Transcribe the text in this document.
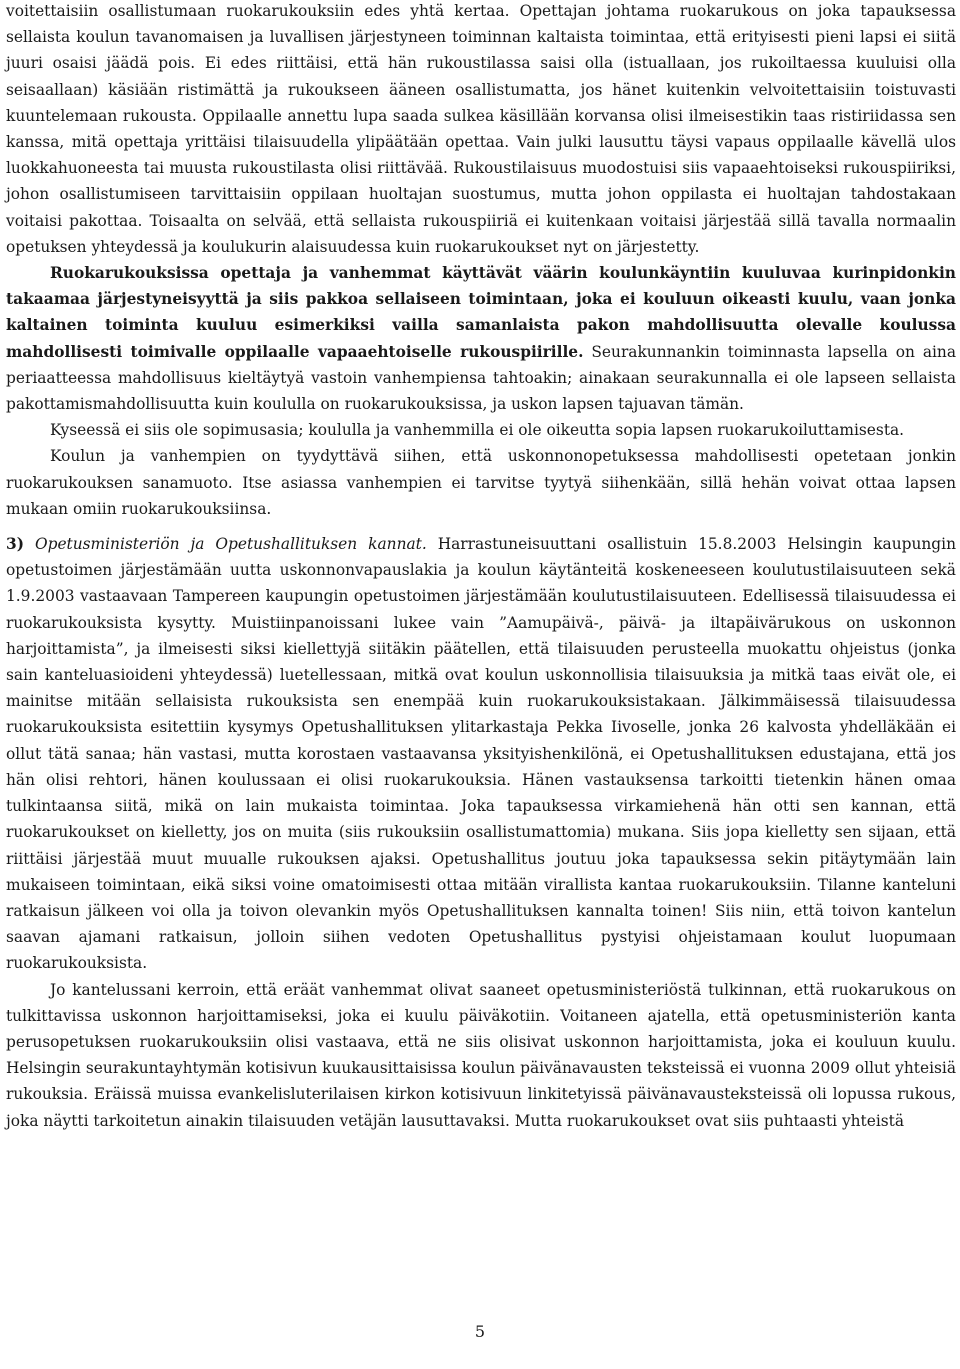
voitettaisiin osallistumaan ruokarukouksiin edes yhtä kertaa. Opettajan johtama ruokarukous on joka tapauksessa sellaista koulun tavanomaisen ja luvallisen järjestyneen toiminnan kaltaista toimintaa, että erityisesti pieni lapsi ei siitä juuri osaisi jäädä pois. Ei edes riittäisi, että hän rukoustilassa saisi olla (istuallaan, jos rukoiltaessa kuuluisi olla seisaallaan) käsiään ristimättä ja rukoukseen ääneen osallistumatta, jos hänet kuitenkin velvoitettaisiin toistuvasti kuuntelemaan rukousta. Oppilaalle annettu lupa saada sulkea käsillään korvansa olisi ilmeisestikin taas ristiriidassa sen kanssa, mitä opettaja yrittäisi tilaisuudella ylipäätään opettaa. Vain julki lausuttu täysi vapaus oppilaalle kävellä ulos luokkahuoneesta tai muusta rukoustilasta olisi riittävää. Rukoustilaisuus muodostuisi siis vapaaehtoiseksi rukouspiiriksi, johon osallistumiseen tarvittaisiin oppilaan huoltajan suostumus, mutta johon oppilasta ei huoltajan tahdostakaan voitaisi pakottaa. Toisaalta on selvää, että sellaista rukouspiiriä ei kuitenkaan voitaisi järjestää sillä tavalla normaalin opetuksen yhteydessä ja koulukurin alaisuudessa kuin ruokarukoukset nyt on järjestetty.

Ruokarukouksissa opettaja ja vanhemmat käyttävät väärin koulunkäyntiin kuuluvaa kurinpidonkin takaamaa järjestyneisyyttä ja siis pakkoa sellaiseen toimintaan, joka ei kouluun oikeasti kuulu, vaan jonka kaltainen toiminta kuuluu esimerkiksi vailla samanlaista pakon mahdollisuutta olevalle koulussa mahdollisesti toimivalle oppilaalle vapaaehtoiselle rukouspiirille. Seurakunnankin toiminnasta lapsella on aina periaatteessa mahdollisuus kieltäytyä vastoin vanhempiensa tahtoakin; ainakaan seurakunnalla ei ole lapseen sellaista pakottamismahdollisuutta kuin koululla on ruokarukouksissa, ja uskon lapsen tajuavan tämän.

Kyseessä ei siis ole sopimusasia; koululla ja vanhemmilla ei ole oikeutta sopia lapsen ruokarukoiluttamisesta.

Koulun ja vanhempien on tyydyttävä siihen, että uskonnonopetuksessa mahdollisesti opetetaan jonkin ruokarukouksen sanamuoto. Itse asiassa vanhempien ei tarvitse tyytyä siihenkään, sillä hehän voivat ottaa lapsen mukaan omiin ruokarukouksiinsa.

3) Opetusministeriön ja Opetushallituksen kannat. Harrastuneisuuttani osallistuin 15.8.2003 Helsingin kaupungin opetustoimen järjestämään uutta uskonnonvapauslakia ja koulun käytänteitä koskeneeseen koulutustilaisuuteen sekä 1.9.2003 vastaavaan Tampereen kaupungin opetustoimen järjestämään koulutustilaisuuteen. Edellisessä tilaisuudessa ei ruokarukouksista kysytty. Muistiinpanoissani lukee vain ”Aamupäivä-, päivä- ja iltapäivärukous on uskonnon harjoittamista”, ja ilmeisesti siksi kiellettyjä siitäkin päätellen, että tilaisuuden perusteella muokattu ohjeistus (jonka sain kanteluasioideni yhteydessä) luetellessaan, mitkä ovat koulun uskonnollisia tilaisuuksia ja mitkä taas eivät ole, ei mainitse mitään sellaisista rukouksista sen enempää kuin ruokarukouksistakaan. Jälkimmäisessä tilaisuudessa ruokarukouksista esitettiin kysymys Opetushallituksen ylitarkastaja Pekka Iivoselle, jonka 26 kalvosta yhdelläkään ei ollut tätä sanaa; hän vastasi, mutta korostaen vastaavansa yksityishenkilönä, ei Opetushallituksen edustajana, että jos hän olisi rehtori, hänen koulussaan ei olisi ruokarukouksia. Hänen vastauksensa tarkoitti tietenkin hänen omaa tulkintaansa siitä, mikä on lain mukaista toimintaa. Joka tapauksessa virkamiehenä hän otti sen kannan, että ruokarukoukset on kielletty, jos on muita (siis rukouksiin osallistumattomia) mukana. Siis jopa kielletty sen sijaan, että riittäisi järjestää muut muualle rukouksen ajaksi. Opetushallitus joutuu joka tapauksessa sekin pitäytymään lain mukaiseen toimintaan, eikä siksi voine omatoimisesti ottaa mitään virallista kantaa ruokarukouksiin. Tilanne kanteluni ratkaisun jälkeen voi olla ja toivon olevankin myös Opetushallituksen kannalta toinen! Siis niin, että toivon kantelun saavan ajamani ratkaisun, jolloin siihen vedoten Opetushallitus pystyisi ohjeistamaan koulut luopumaan ruokarukouksista.

Jo kantelussani kerroin, että eräät vanhemmat olivat saaneet opetusministeriöstä tulkinnan, että ruokarukous on tulkittavissa uskonnon harjoittamiseksi, joka ei kuulu päiväkotiin. Voitaneen ajatella, että opetusministeriön kanta perusopetuksen ruokarukouksiin olisi vastaava, että ne siis olisivat uskonnon harjoittamista, joka ei kouluun kuulu. Helsingin seurakuntayhtymän kotisivun kuukausittaisissa koulun päivänavausten teksteissä ei vuonna 2009 ollut yhteisiä rukouksia. Eräissä muissa evankelisluterilaisen kirkon kotisivuun linkitetyissä päivänavausteksteissä oli lopussa rukous, joka näytti tarkoitetun ainakin tilaisuuden vetäjän lausuttavaksi. Mutta ruokarukoukset ovat siis puhtaasti yhteistä

5
